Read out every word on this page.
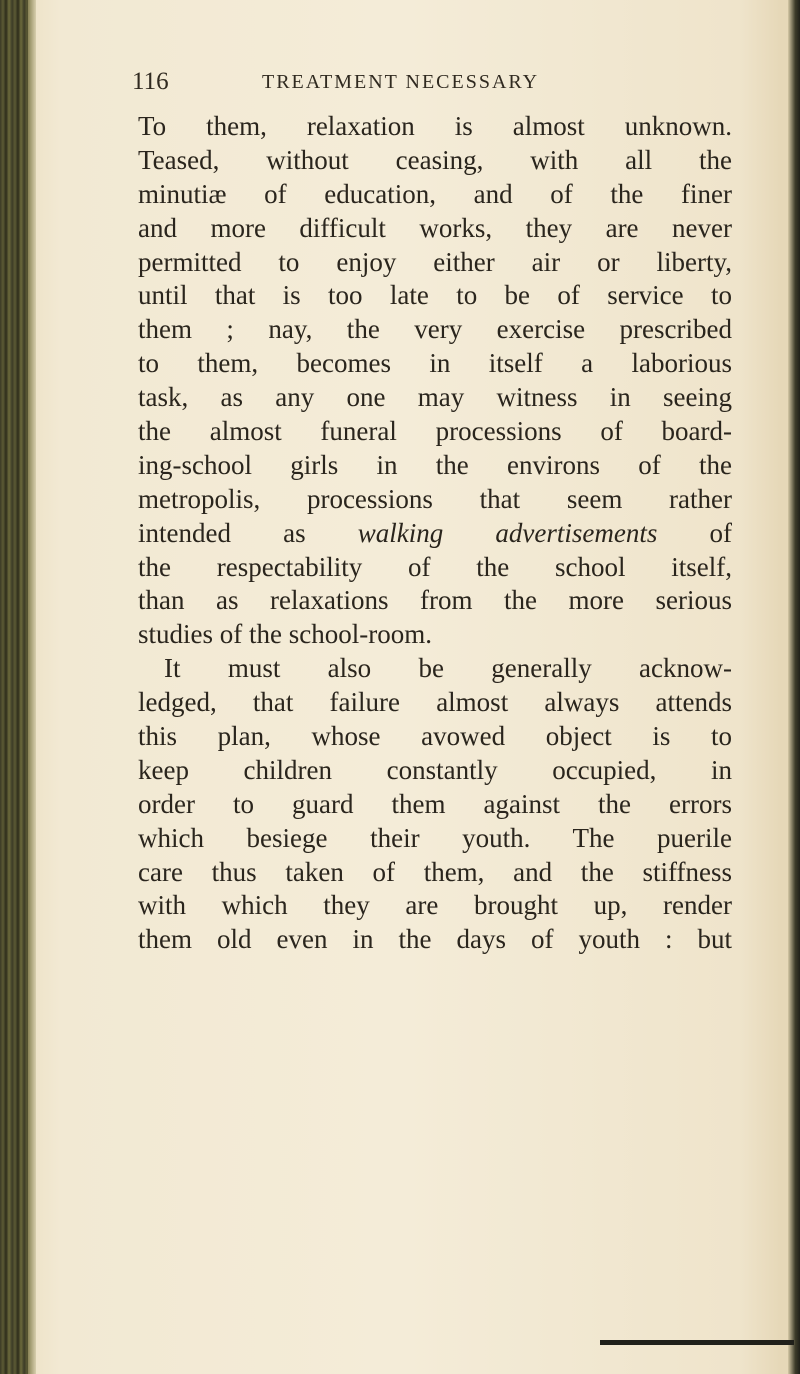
116	TREATMENT NECESSARY
To them, relaxation is almost unknown.
Teased, without ceasing, with all the
minutiæ of education, and of the finer
and more difficult works, they are never
permitted to enjoy either air or liberty,
until that is too late to be of service to
them ; nay, the very exercise prescribed
to them, becomes in itself a laborious
task, as any one may witness in seeing
the almost funeral processions of board-
ing-school girls in the environs of the
metropolis, processions that seem rather
intended as walking advertisements of
the respectability of the school itself,
than as relaxations from the more serious
studies of the school-room.
It must also be generally acknow-
ledged, that failure almost always attends
this plan, whose avowed object is to
keep children constantly occupied, in
order to guard them against the errors
which besiege their youth. The puerile
care thus taken of them, and the stiffness
with which they are brought up, render
them old even in the days of youth : but
